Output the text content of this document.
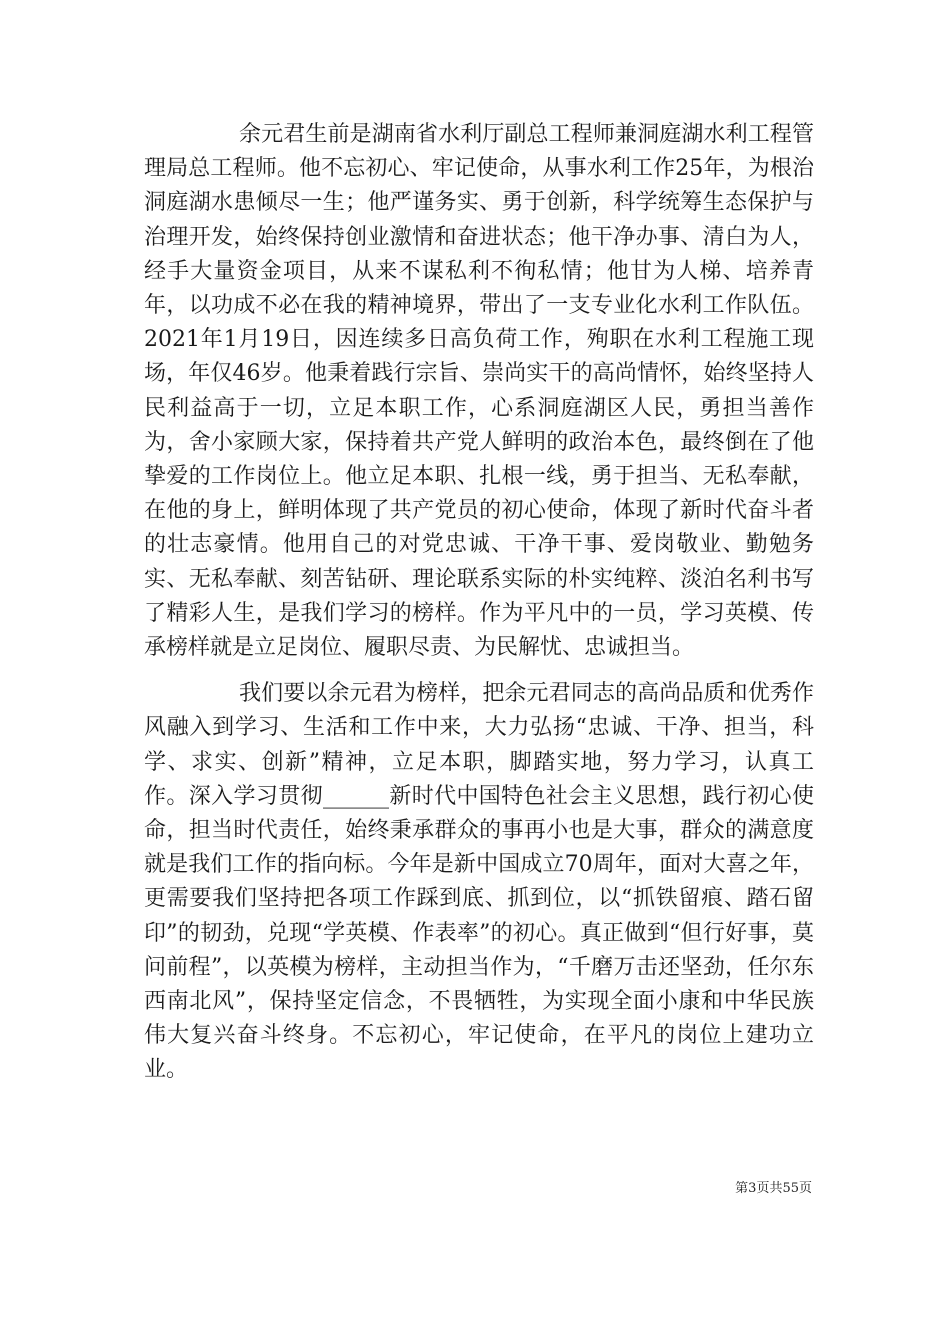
余元君生前是湖南省水利厅副总工程师兼洞庭湖水利工程管理局总工程师。他不忘初心、牢记使命，从事水利工作25年，为根治洞庭湖水患倾尽一生；他严谨务实、勇于创新，科学统筹生态保护与治理开发，始终保持创业激情和奋进状态；他干净办事、清白为人，经手大量资金项目，从来不谋私利不徇私情；他甘为人梯、培养青年，以功成不必在我的精神境界，带出了一支专业化水利工作队伍。2021年1月19日，因连续多日高负荷工作，殉职在水利工程施工现场，年仅46岁。他秉着践行宗旨、崇尚实干的高尚情怀，始终坚持人民利益高于一切，立足本职工作，心系洞庭湖区人民，勇担当善作为，舍小家顾大家，保持着共产党人鲜明的政治本色，最终倒在了他挚爱的工作岗位上。他立足本职、扎根一线，勇于担当、无私奉献，在他的身上，鲜明体现了共产党员的初心使命，体现了新时代奋斗者的壮志豪情。他用自己的对党忠诚、干净干事、爱岗敬业、勤勉务实、无私奉献、刻苦钻研、理论联系实际的朴实纯粹、淡泊名利书写了精彩人生，是我们学习的榜样。作为平凡中的一员，学习英模、传承榜样就是立足岗位、履职尽责、为民解忧、忠诚担当。

我们要以余元君为榜样，把余元君同志的高尚品质和优秀作风融入到学习、生活和工作中来，大力弘扬“忠诚、干净、担当，科学、求实、创新”精神，立足本职，脚踏实地，努力学习，认真工作。深入学习贯彻______新时代中国特色社会主义思想，践行初心使命，担当时代责任，始终秉承群众的事再小也是大事，群众的满意度就是我们工作的指向标。今年是新中国成立70周年，面对大喜之年，更需要我们坚持把各项工作踩到底、抓到位，以“抓铁留痕、踏石留印”的韧劲，兑现“学英模、作表率”的初心。真正做到“但行好事，莫问前程”，以英模为榜样，主动担当作为，“千磨万击还坚劲，任尔东西南北风”，保持坚定信念，不畏牺牲，为实现全面小康和中华民族伟大复兴奋斗终身。不忘初心，牢记使命，在平凡的岗位上建功立业。

第3页共55页
